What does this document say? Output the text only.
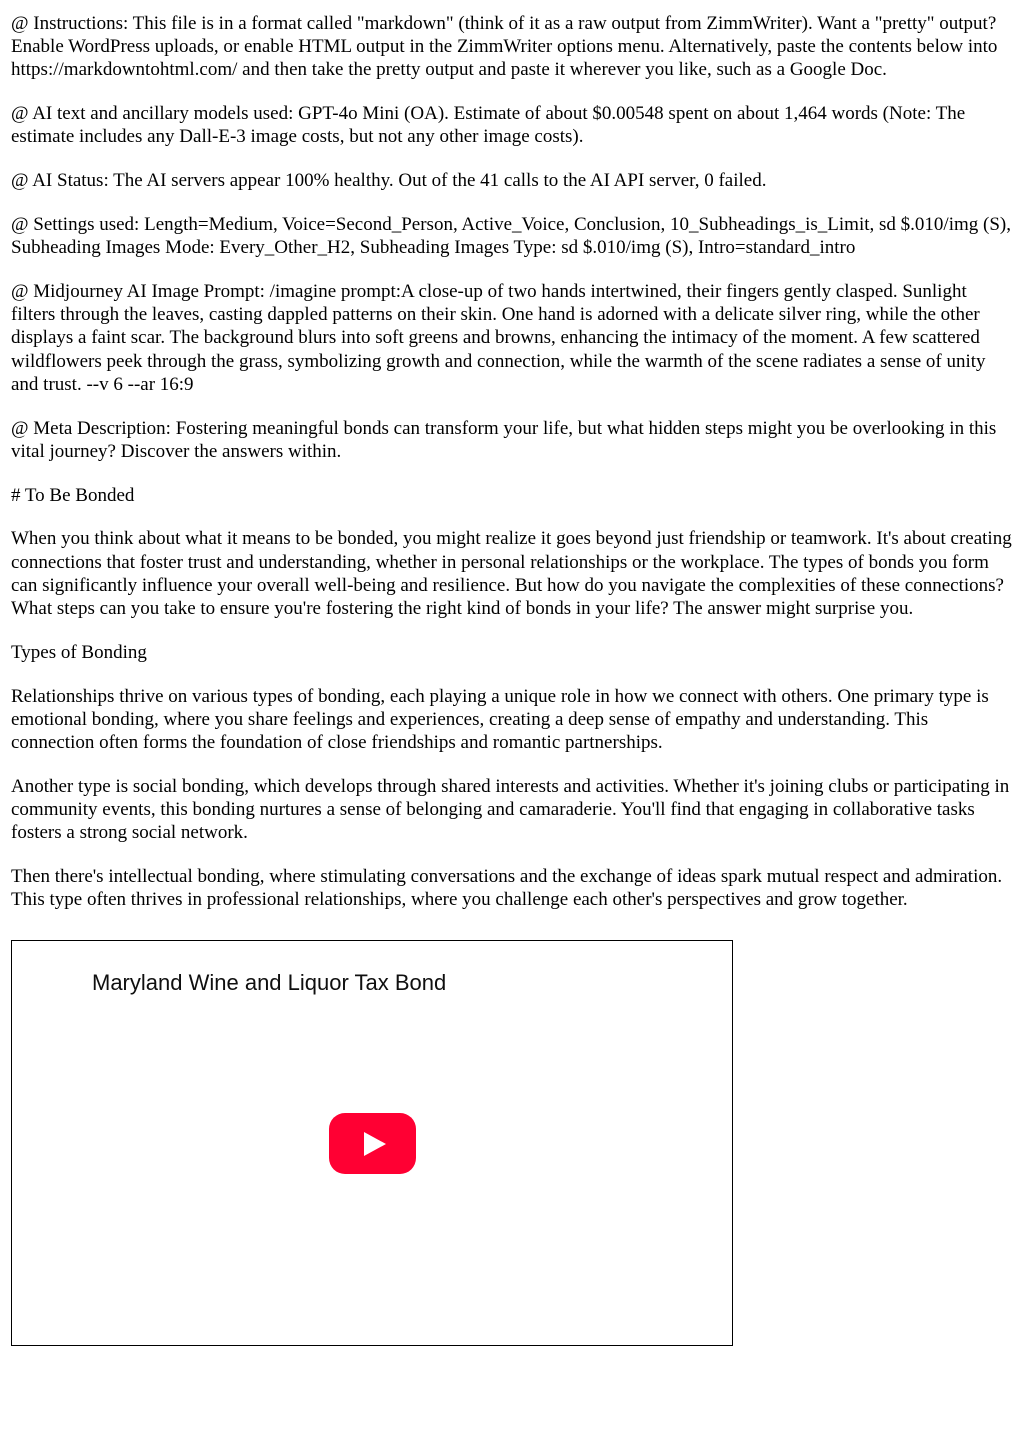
@ Instructions: This file is in a format called "markdown" (think of it as a raw output from ZimmWriter). Want a "pretty" output? Enable WordPress uploads, or enable HTML output in the ZimmWriter options menu. Alternatively, paste the contents below into https://markdowntohtml.com/ and then take the pretty output and paste it wherever you like, such as a Google Doc.

@ AI text and ancillary models used: GPT-4o Mini (OA). Estimate of about $0.00548 spent on about 1,464 words (Note: The estimate includes any Dall-E-3 image costs, but not any other image costs).

@ AI Status: The AI servers appear 100% healthy. Out of the 41 calls to the AI API server, 0 failed.

@ Settings used: Length=Medium, Voice=Second_Person, Active_Voice, Conclusion, 10_Subheadings_is_Limit, sd $.010/img (S), Subheading Images Mode: Every_Other_H2, Subheading Images Type: sd $.010/img (S), Intro=standard_intro

@ Midjourney AI Image Prompt: /imagine prompt:A close-up of two hands intertwined, their fingers gently clasped. Sunlight filters through the leaves, casting dappled patterns on their skin. One hand is adorned with a delicate silver ring, while the other displays a faint scar. The background blurs into soft greens and browns, enhancing the intimacy of the moment. A few scattered wildflowers peek through the grass, symbolizing growth and connection, while the warmth of the scene radiates a sense of unity and trust. --v 6 --ar 16:9

@ Meta Description: Fostering meaningful bonds can transform your life, but what hidden steps might you be overlooking in this vital journey? Discover the answers within.

# To Be Bonded

When you think about what it means to be bonded, you might realize it goes beyond just friendship or teamwork. It's about creating connections that foster trust and understanding, whether in personal relationships or the workplace. The types of bonds you form can significantly influence your overall well-being and resilience. But how do you navigate the complexities of these connections? What steps can you take to ensure you're fostering the right kind of bonds in your life? The answer might surprise you.

Types of Bonding

Relationships thrive on various types of bonding, each playing a unique role in how we connect with others. One primary type is emotional bonding, where you share feelings and experiences, creating a deep sense of empathy and understanding. This connection often forms the foundation of close friendships and romantic partnerships.

Another type is social bonding, which develops through shared interests and activities. Whether it's joining clubs or participating in community events, this bonding nurtures a sense of belonging and camaraderie. You'll find that engaging in collaborative tasks fosters a strong social network.

Then there's intellectual bonding, where stimulating conversations and the exchange of ideas spark mutual respect and admiration. This type often thrives in professional relationships, where you challenge each other's perspectives and grow together.

Maryland Wine and Liquor Tax Bond
